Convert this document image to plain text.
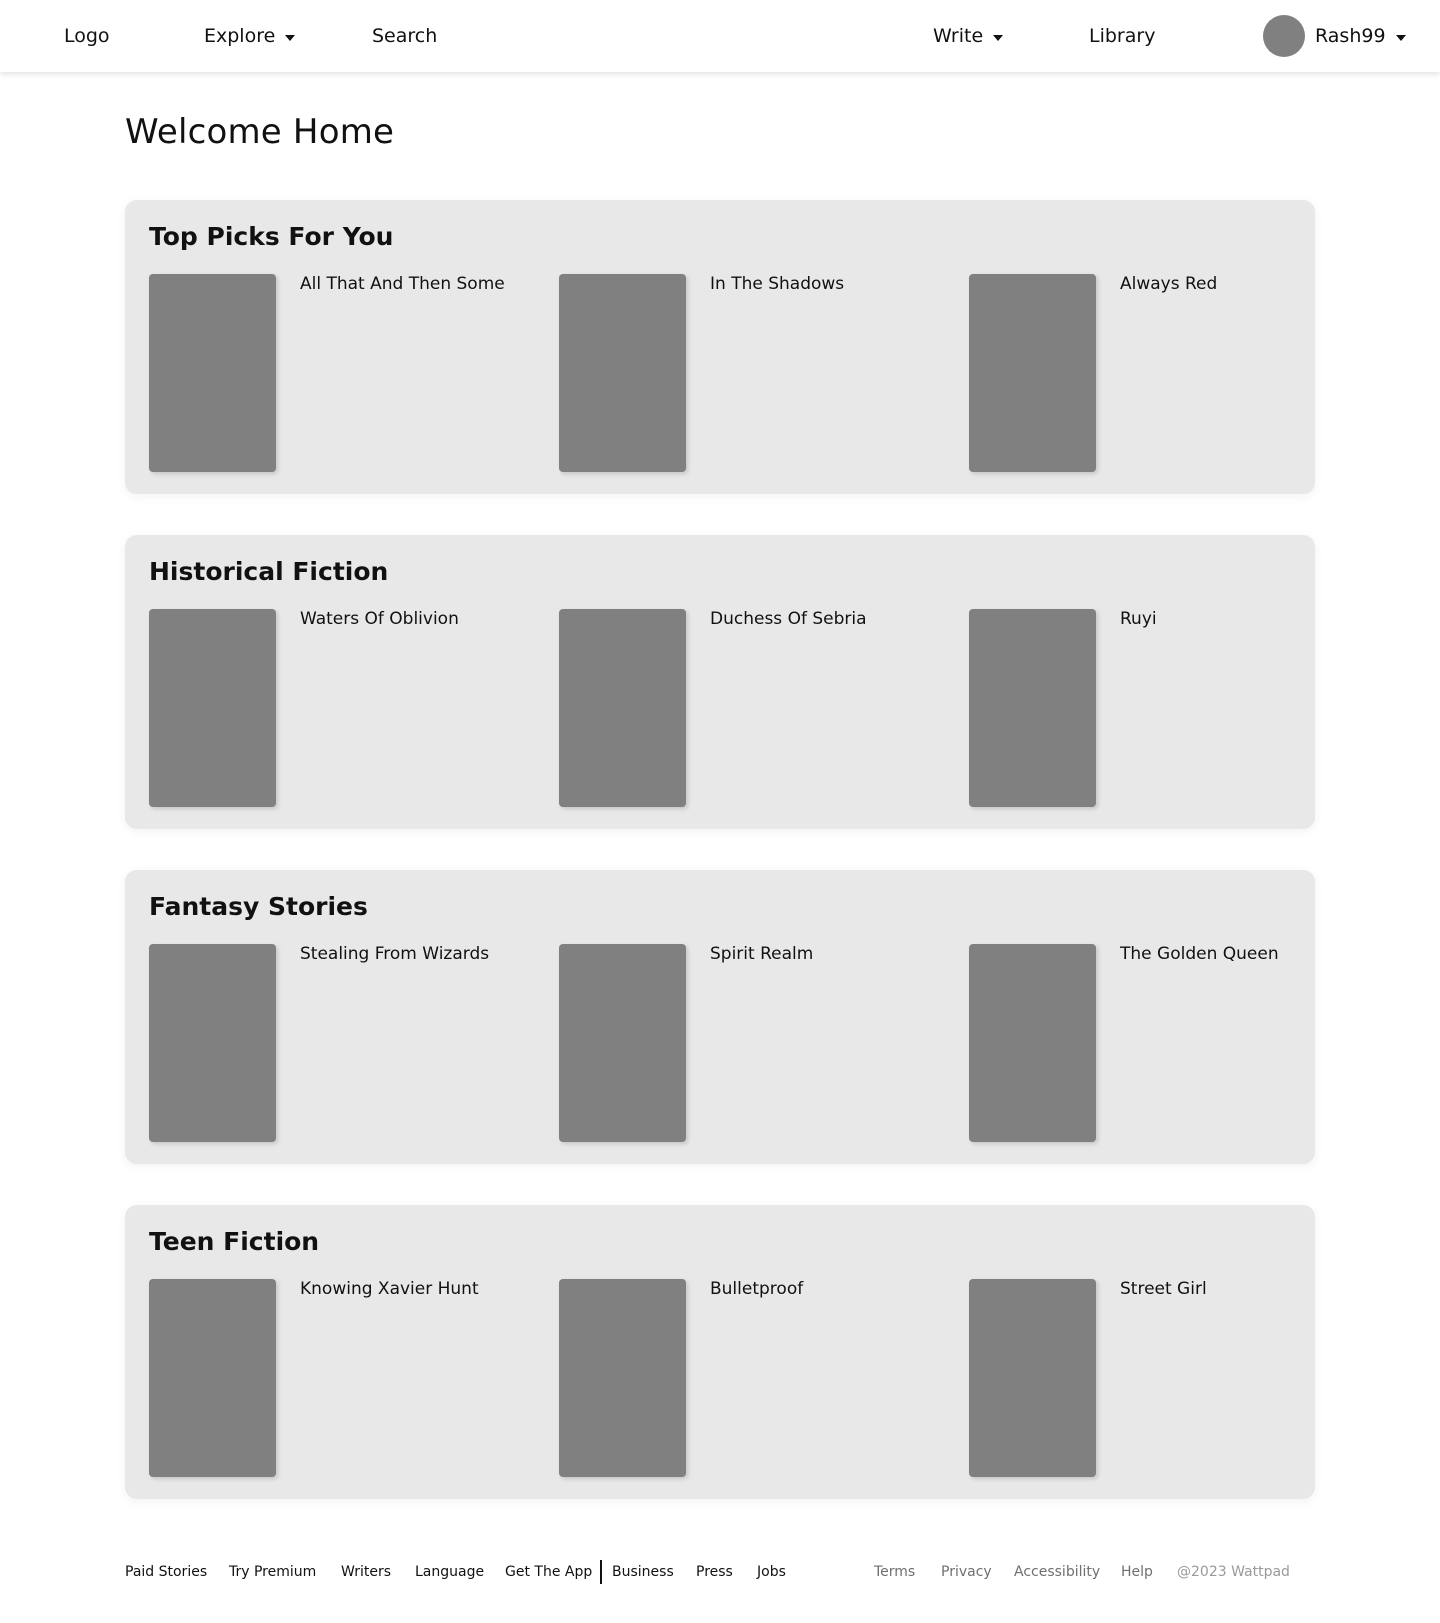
Logo	Explore	Search	Write	Library	Rash99
Welcome Home
Top Picks For You
All That And Then Some	In The Shadows	Always Red
Historical Fiction
Waters Of Oblivion	Duchess Of Sebria	Ruyi
Fantasy Stories
Stealing From Wizards	Spirit Realm	The Golden Queen
Teen Fiction
Knowing Xavier Hunt	Bulletproof	Street Girl
Paid Stories Try Premium Writers Language Get The App Business Press Jobs	Terms Privacy Accessibility Help @2023 Wattpad
